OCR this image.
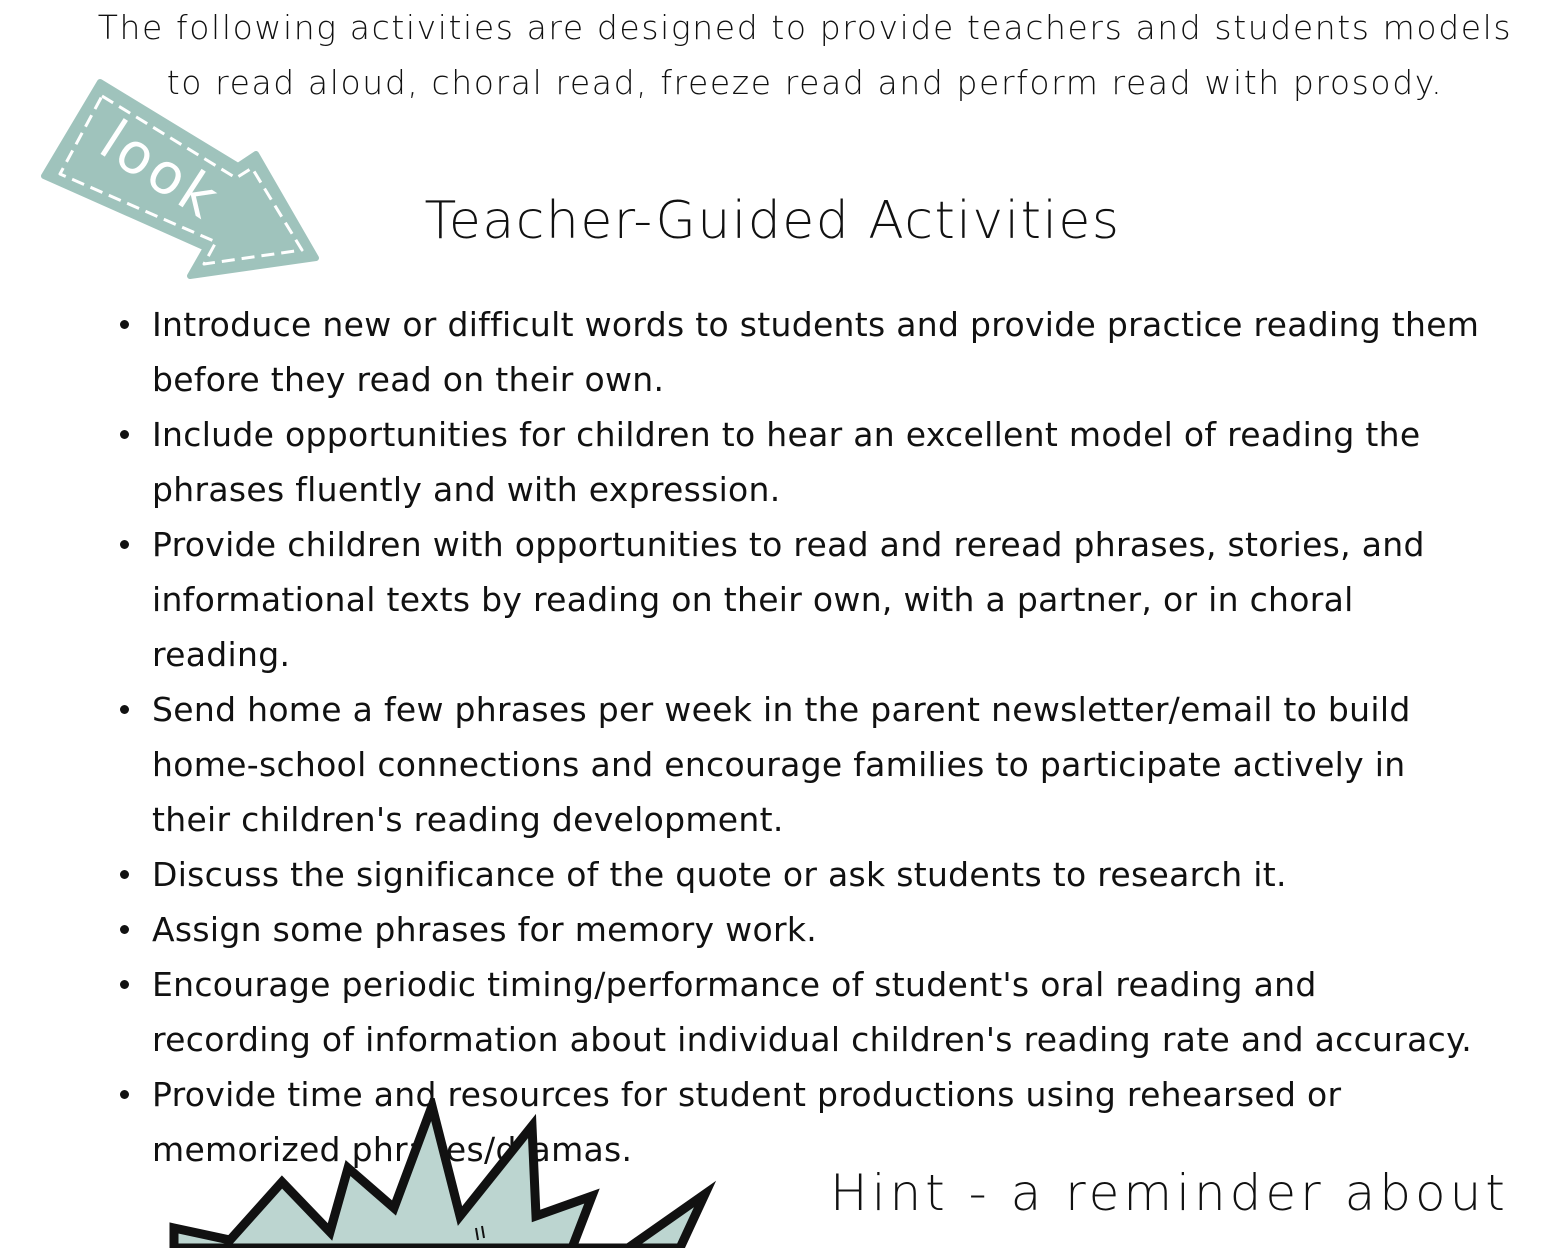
The following activities are designed to provide teachers and students models
to read aloud, choral read, freeze read and perform read with prosody.

look	Teacher-Guided Activities
Introduce new or difficult words to students and provide practice reading them before they read on their own.
Include opportunities for children to hear an excellent model of reading the phrases fluently and with expression.
Provide children with opportunities to read and reread phrases, stories, and informational texts by reading on their own, with a partner, or in choral reading.
Send home a few phrases per week in the parent newsletter/email to build home-school connections and encourage families to participate actively in their children's reading development.
Discuss the significance of the quote or ask students to research it.
Assign some phrases for memory work.
Encourage periodic timing/performance of student's oral reading and recording of information about individual children's reading rate and accuracy.
Provide time and resources for student productions using rehearsed or memorized phrases/dramas.

Hint - a reminder about
